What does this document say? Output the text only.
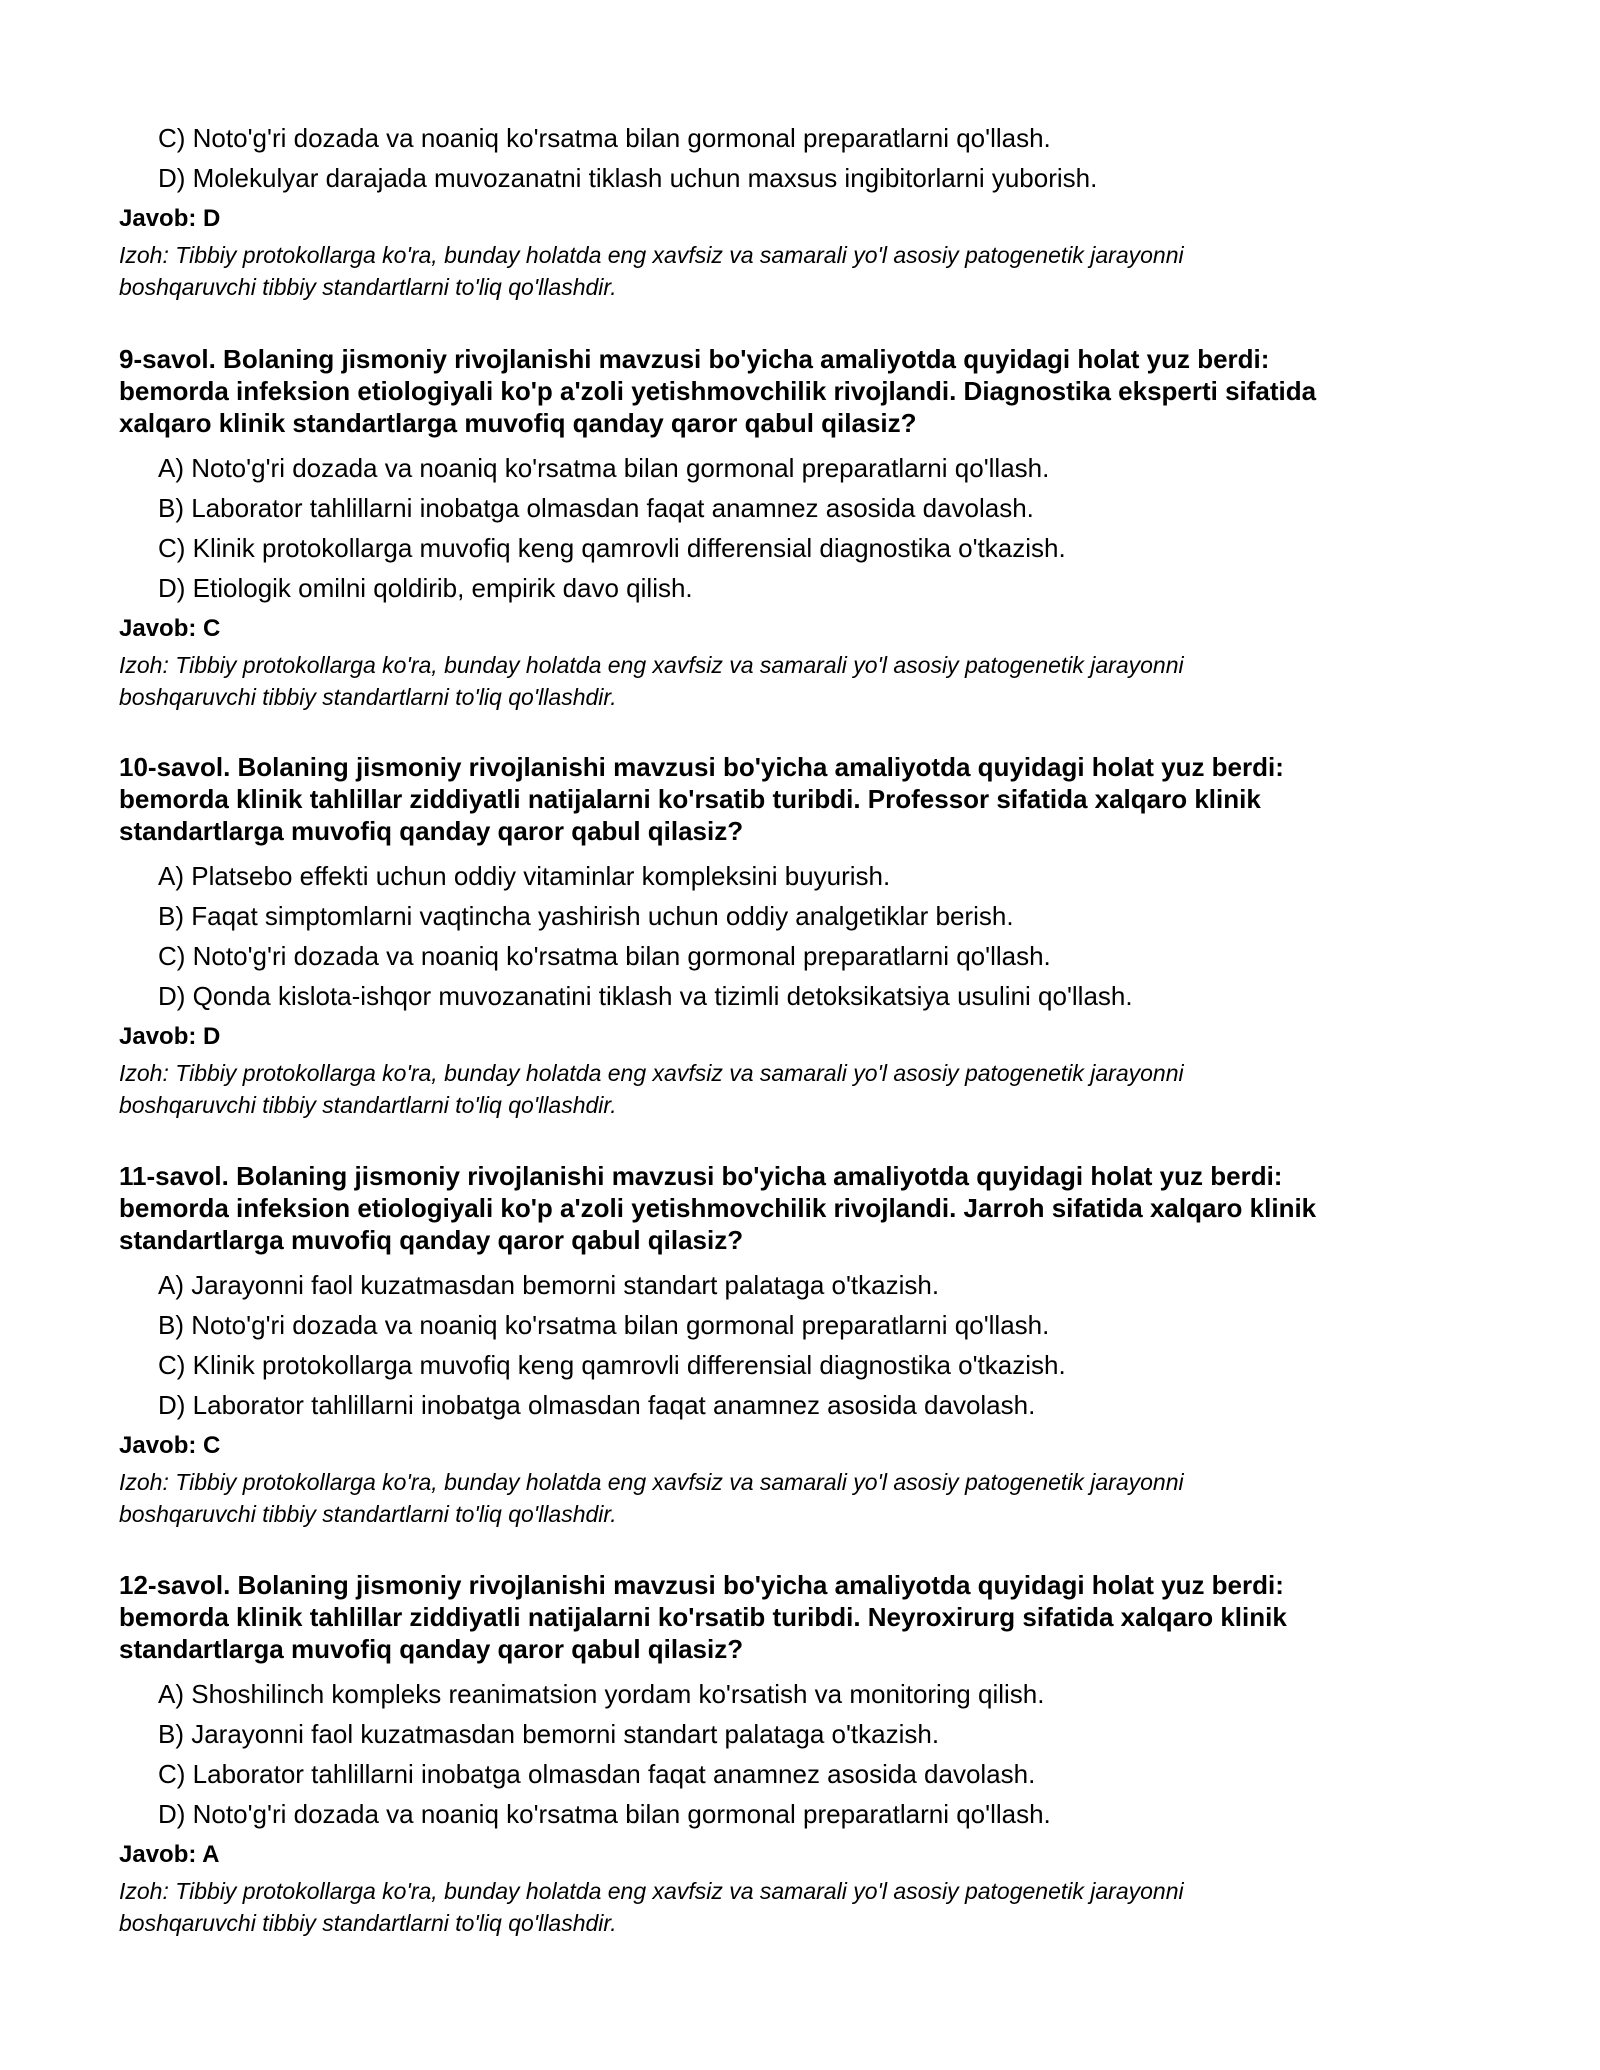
C) Noto'g'ri dozada va noaniq ko'rsatma bilan gormonal preparatlarni qo'llash.
D) Molekulyar darajada muvozanatni tiklash uchun maxsus ingibitorlarni yuborish.
Javob: D
Izoh: Tibbiy protokollarga ko'ra, bunday holatda eng xavfsiz va samarali yo'l asosiy patogenetik jarayonni
boshqaruvchi tibbiy standartlarni to'liq qo'llashdir.
9-savol. Bolaning jismoniy rivojlanishi mavzusi bo'yicha amaliyotda quyidagi holat yuz berdi:
bemorda infeksion etiologiyali ko'p a'zoli yetishmovchilik rivojlandi. Diagnostika eksperti sifatida
xalqaro klinik standartlarga muvofiq qanday qaror qabul qilasiz?
A) Noto'g'ri dozada va noaniq ko'rsatma bilan gormonal preparatlarni qo'llash.
B) Laborator tahlillarni inobatga olmasdan faqat anamnez asosida davolash.
C) Klinik protokollarga muvofiq keng qamrovli differensial diagnostika o'tkazish.
D) Etiologik omilni qoldirib, empirik davo qilish.
Javob: C
Izoh: Tibbiy protokollarga ko'ra, bunday holatda eng xavfsiz va samarali yo'l asosiy patogenetik jarayonni
boshqaruvchi tibbiy standartlarni to'liq qo'llashdir.
10-savol. Bolaning jismoniy rivojlanishi mavzusi bo'yicha amaliyotda quyidagi holat yuz berdi:
bemorda klinik tahlillar ziddiyatli natijalarni ko'rsatib turibdi. Professor sifatida xalqaro klinik
standartlarga muvofiq qanday qaror qabul qilasiz?
A) Platsebo effekti uchun oddiy vitaminlar kompleksini buyurish.
B) Faqat simptomlarni vaqtincha yashirish uchun oddiy analgetiklar berish.
C) Noto'g'ri dozada va noaniq ko'rsatma bilan gormonal preparatlarni qo'llash.
D) Qonda kislota-ishqor muvozanatini tiklash va tizimli detoksikatsiya usulini qo'llash.
Javob: D
Izoh: Tibbiy protokollarga ko'ra, bunday holatda eng xavfsiz va samarali yo'l asosiy patogenetik jarayonni
boshqaruvchi tibbiy standartlarni to'liq qo'llashdir.
11-savol. Bolaning jismoniy rivojlanishi mavzusi bo'yicha amaliyotda quyidagi holat yuz berdi:
bemorda infeksion etiologiyali ko'p a'zoli yetishmovchilik rivojlandi. Jarroh sifatida xalqaro klinik
standartlarga muvofiq qanday qaror qabul qilasiz?
A) Jarayonni faol kuzatmasdan bemorni standart palataga o'tkazish.
B) Noto'g'ri dozada va noaniq ko'rsatma bilan gormonal preparatlarni qo'llash.
C) Klinik protokollarga muvofiq keng qamrovli differensial diagnostika o'tkazish.
D) Laborator tahlillarni inobatga olmasdan faqat anamnez asosida davolash.
Javob: C
Izoh: Tibbiy protokollarga ko'ra, bunday holatda eng xavfsiz va samarali yo'l asosiy patogenetik jarayonni
boshqaruvchi tibbiy standartlarni to'liq qo'llashdir.
12-savol. Bolaning jismoniy rivojlanishi mavzusi bo'yicha amaliyotda quyidagi holat yuz berdi:
bemorda klinik tahlillar ziddiyatli natijalarni ko'rsatib turibdi. Neyroxirurg sifatida xalqaro klinik
standartlarga muvofiq qanday qaror qabul qilasiz?
A) Shoshilinch kompleks reanimatsion yordam ko'rsatish va monitoring qilish.
B) Jarayonni faol kuzatmasdan bemorni standart palataga o'tkazish.
C) Laborator tahlillarni inobatga olmasdan faqat anamnez asosida davolash.
D) Noto'g'ri dozada va noaniq ko'rsatma bilan gormonal preparatlarni qo'llash.
Javob: A
Izoh: Tibbiy protokollarga ko'ra, bunday holatda eng xavfsiz va samarali yo'l asosiy patogenetik jarayonni
boshqaruvchi tibbiy standartlarni to'liq qo'llashdir.
